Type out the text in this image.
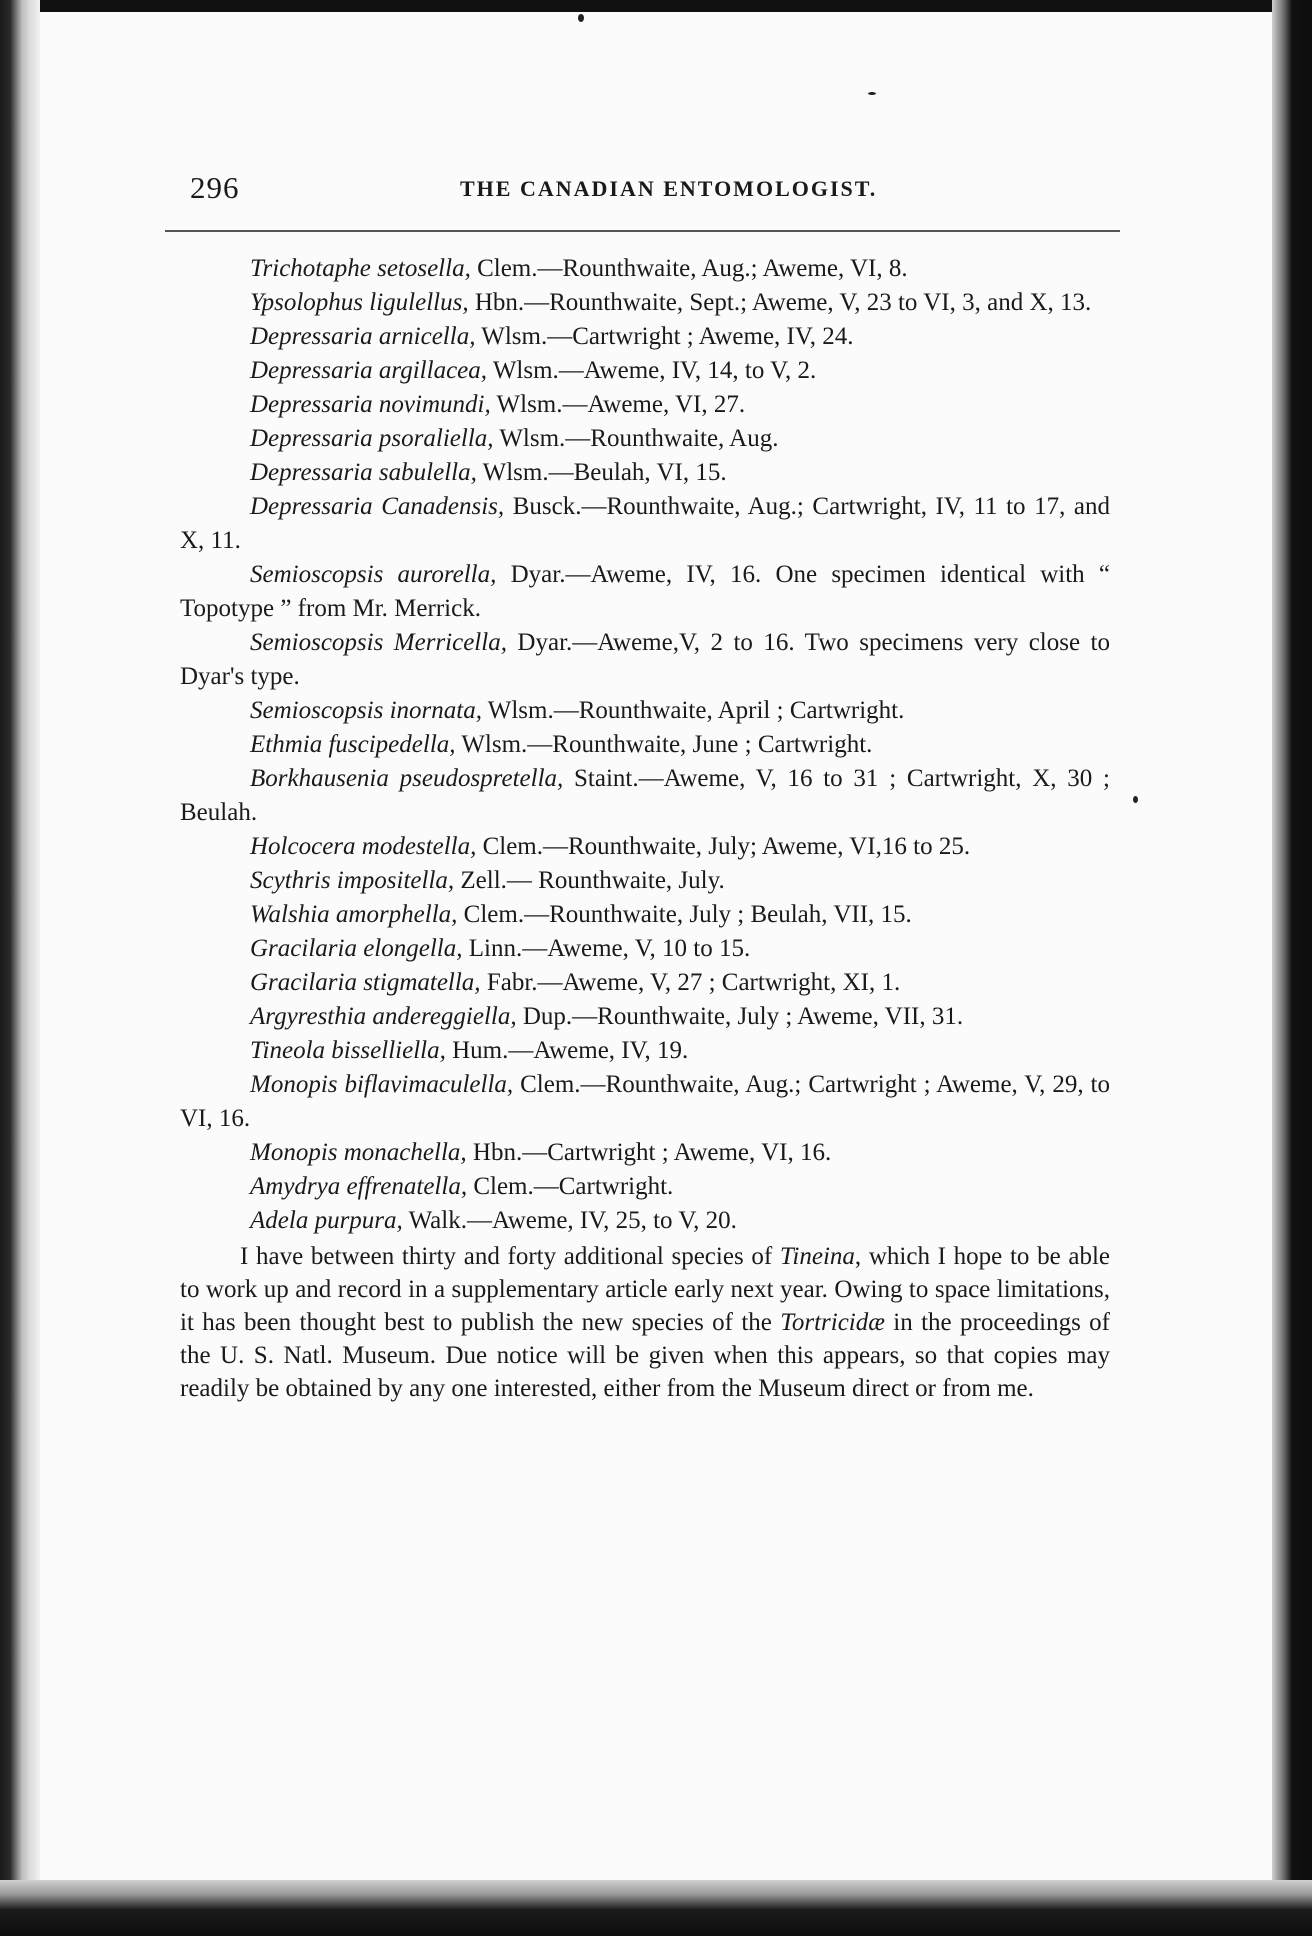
296	THE CANADIAN ENTOMOLOGIST.

Trichotaphe setosella, Clem.—Rounthwaite, Aug.; Aweme, VI, 8.

Ypsolophus ligulellus, Hbn.—Rounthwaite, Sept.; Aweme, V, 23 to VI, 3, and X, 13.

Depressaria arnicella, Wlsm.—Cartwright ; Aweme, IV, 24.

Depressaria argillacea, Wlsm.—Aweme, IV, 14, to V, 2.

Depressaria novimundi, Wlsm.—Aweme, VI, 27.

Depressaria psoraliella, Wlsm.—Rounthwaite, Aug.

Depressaria sabulella, Wlsm.—Beulah, VI, 15.

Depressaria Canadensis, Busck.—Rounthwaite, Aug.; Cartwright, IV, 11 to 17, and X, 11.

Semioscopsis aurorella, Dyar.—Aweme, IV, 16. One specimen identical with “ Topotype ” from Mr. Merrick.

Semioscopsis Merricella, Dyar.—Aweme,V, 2 to 16. Two specimens very close to Dyar's type.

Semioscopsis inornata, Wlsm.—Rounthwaite, April ; Cartwright.

Ethmia fuscipedella, Wlsm.—Rounthwaite, June ; Cartwright.

Borkhausenia pseudospretella, Staint.—Aweme, V, 16 to 31 ; Cartwright, X, 30 ; Beulah.

Holcocera modestella, Clem.—Rounthwaite, July; Aweme, VI,16 to 25.

Scythris impositella, Zell.— Rounthwaite, July.

Walshia amorphella, Clem.—Rounthwaite, July ; Beulah, VII, 15.

Gracilaria elongella, Linn.—Aweme, V, 10 to 15.

Gracilaria stigmatella, Fabr.—Aweme, V, 27 ; Cartwright, XI, 1.

Argyresthia andereggiella, Dup.—Rounthwaite, July ; Aweme, VII, 31.

Tineola bisselliella, Hum.—Aweme, IV, 19.

Monopis biflavimaculella, Clem.—Rounthwaite, Aug.; Cartwright ; Aweme, V, 29, to VI, 16.

Monopis monachella, Hbn.—Cartwright ; Aweme, VI, 16.

Amydrya effrenatella, Clem.—Cartwright.

Adela purpura, Walk.—Aweme, IV, 25, to V, 20.

I have between thirty and forty additional species of Tineina, which I hope to be able to work up and record in a supplementary article early next year. Owing to space limitations, it has been thought best to publish the new species of the Tortricidæ in the proceedings of the U. S. Natl. Museum. Due notice will be given when this appears, so that copies may readily be obtained by any one interested, either from the Museum direct or from me.
